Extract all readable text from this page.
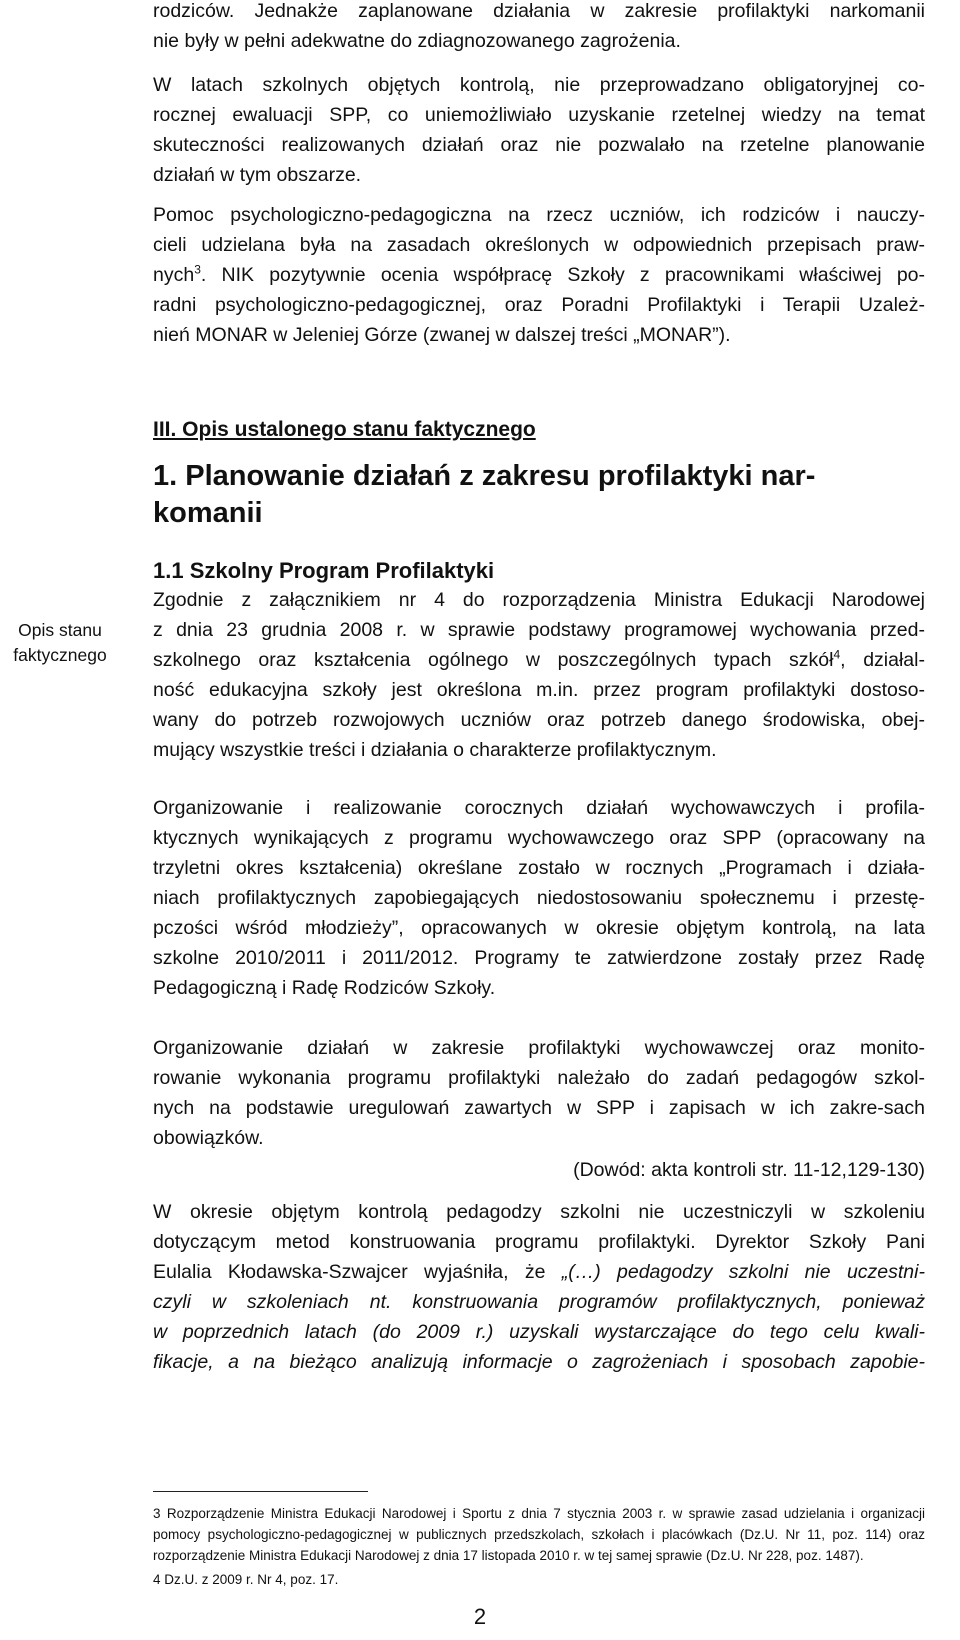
rodziców. Jednakże zaplanowane działania w zakresie profilaktyki narkomanii
nie były w pełni adekwatne do zdiagnozowanego zagrożenia.
W latach szkolnych objętych kontrolą, nie przeprowadzano obligatoryjnej co-
rocznej ewaluacji SPP, co uniemożliwiało uzyskanie rzetelnej wiedzy na temat
skuteczności realizowanych działań oraz nie pozwalało na rzetelne planowanie
działań w tym obszarze.
Pomoc psychologiczno-pedagogiczna na rzecz uczniów, ich rodziców i nauczy-
cieli udzielana była na zasadach określonych w odpowiednich przepisach praw-
nych$^3$. NIK pozytywnie ocenia współpracę Szkoły z pracownikami właściwej po-
radni psychologiczno-pedagogicznej, oraz Poradni Profilaktyki i Terapii Uzależ-
nień MONAR w Jeleniej Górze (zwanej w dalszej treści „MONAR”).
III. Opis ustalonego stanu faktycznego
1. Planowanie działań z zakresu profilaktyki nar-
komanii
1.1 Szkolny Program Profilaktyki
Opis stanu
faktycznego
Zgodnie z załącznikiem nr 4 do rozporządzenia Ministra Edukacji Narodowej
z dnia 23 grudnia 2008 r. w sprawie podstawy programowej wychowania przed-
szkolnego oraz kształcenia ogólnego w poszczególnych typach szkół$^4$, działal-
ność edukacyjna szkoły jest określona m.in. przez program profilaktyki dostoso-
wany do potrzeb rozwojowych uczniów oraz potrzeb danego środowiska, obej-
mujący wszystkie treści i działania o charakterze profilaktycznym.
Organizowanie i realizowanie corocznych działań wychowawczych i profila-
ktycznych wynikających z programu wychowawczego oraz SPP (opracowany na
trzyletni okres kształcenia) określane zostało w rocznych „Programach i działa-
niach profilaktycznych zapobiegających niedostosowaniu społecznemu i przestę-
pczości wśród młodzieży”, opracowanych w okresie objętym kontrolą, na lata
szkolne 2010/2011 i 2011/2012. Programy te zatwierdzone zostały przez Radę
Pedagogiczną i Radę Rodziców Szkoły.
Organizowanie działań w zakresie profilaktyki wychowawczej oraz monito-
rowanie wykonania programu profilaktyki należało do zadań pedagogów szkol-
nych na podstawie uregulowań zawartych w SPP i zapisach w ich zakre-sach
obowiązków.
(Dowód: akta kontroli str. 11-12,129-130)
W okresie objętym kontrolą pedagodzy szkolni nie uczestniczyli w szkoleniu
dotyczącym metod konstruowania programu profilaktyki. Dyrektor Szkoły Pani
Eulalia Kłodawska-Szwajcer wyjaśniła, że „(…) pedagodzy szkolni nie uczestni-
czyli w szkoleniach nt. konstruowania programów profilaktycznych, ponieważ
w poprzednich latach (do 2009 r.) uzyskali wystarczające do tego celu kwali-
fikacje, a na bieżąco analizują informacje o zagrożeniach i sposobach zapobie-
3 Rozporządzenie Ministra Edukacji Narodowej i Sportu z dnia 7 stycznia 2003 r. w sprawie zasad udzielania i organizacji
pomocy psychologiczno-pedagogicznej w publicznych przedszkolach, szkołach i placówkach (Dz.U. Nr 11, poz. 114) oraz
rozporządzenie Ministra Edukacji Narodowej z dnia 17 listopada 2010 r. w tej samej sprawie (Dz.U. Nr 228, poz. 1487).
4 Dz.U. z 2009 r. Nr 4, poz. 17.
2
